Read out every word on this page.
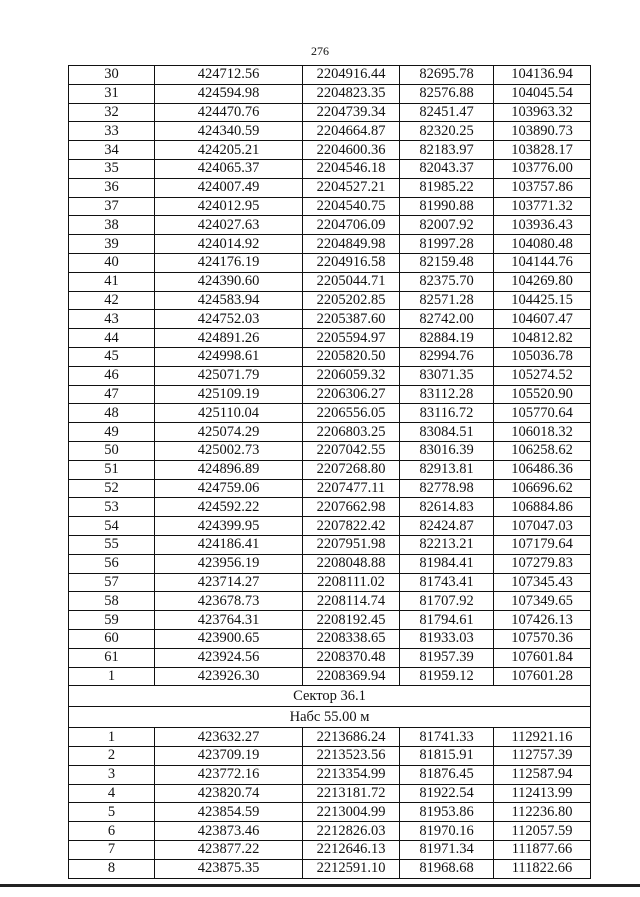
276
30	424712.56	2204916.44	82695.78	104136.94
31	424594.98	2204823.35	82576.88	104045.54
32	424470.76	2204739.34	82451.47	103963.32
33	424340.59	2204664.87	82320.25	103890.73
34	424205.21	2204600.36	82183.97	103828.17
35	424065.37	2204546.18	82043.37	103776.00
36	424007.49	2204527.21	81985.22	103757.86
37	424012.95	2204540.75	81990.88	103771.32
38	424027.63	2204706.09	82007.92	103936.43
39	424014.92	2204849.98	81997.28	104080.48
40	424176.19	2204916.58	82159.48	104144.76
41	424390.60	2205044.71	82375.70	104269.80
42	424583.94	2205202.85	82571.28	104425.15
43	424752.03	2205387.60	82742.00	104607.47
44	424891.26	2205594.97	82884.19	104812.82
45	424998.61	2205820.50	82994.76	105036.78
46	425071.79	2206059.32	83071.35	105274.52
47	425109.19	2206306.27	83112.28	105520.90
48	425110.04	2206556.05	83116.72	105770.64
49	425074.29	2206803.25	83084.51	106018.32
50	425002.73	2207042.55	83016.39	106258.62
51	424896.89	2207268.80	82913.81	106486.36
52	424759.06	2207477.11	82778.98	106696.62
53	424592.22	2207662.98	82614.83	106884.86
54	424399.95	2207822.42	82424.87	107047.03
55	424186.41	2207951.98	82213.21	107179.64
56	423956.19	2208048.88	81984.41	107279.83
57	423714.27	2208111.02	81743.41	107345.43
58	423678.73	2208114.74	81707.92	107349.65
59	423764.31	2208192.45	81794.61	107426.13
60	423900.65	2208338.65	81933.03	107570.36
61	423924.56	2208370.48	81957.39	107601.84
1	423926.30	2208369.94	81959.12	107601.28
Сектор 36.1				
Набс 55.00 м				
1	423632.27	2213686.24	81741.33	112921.16
2	423709.19	2213523.56	81815.91	112757.39
3	423772.16	2213354.99	81876.45	112587.94
4	423820.74	2213181.72	81922.54	112413.99
5	423854.59	2213004.99	81953.86	112236.80
6	423873.46	2212826.03	81970.16	112057.59
7	423877.22	2212646.13	81971.34	111877.66
8	423875.35	2212591.10	81968.68	111822.66
